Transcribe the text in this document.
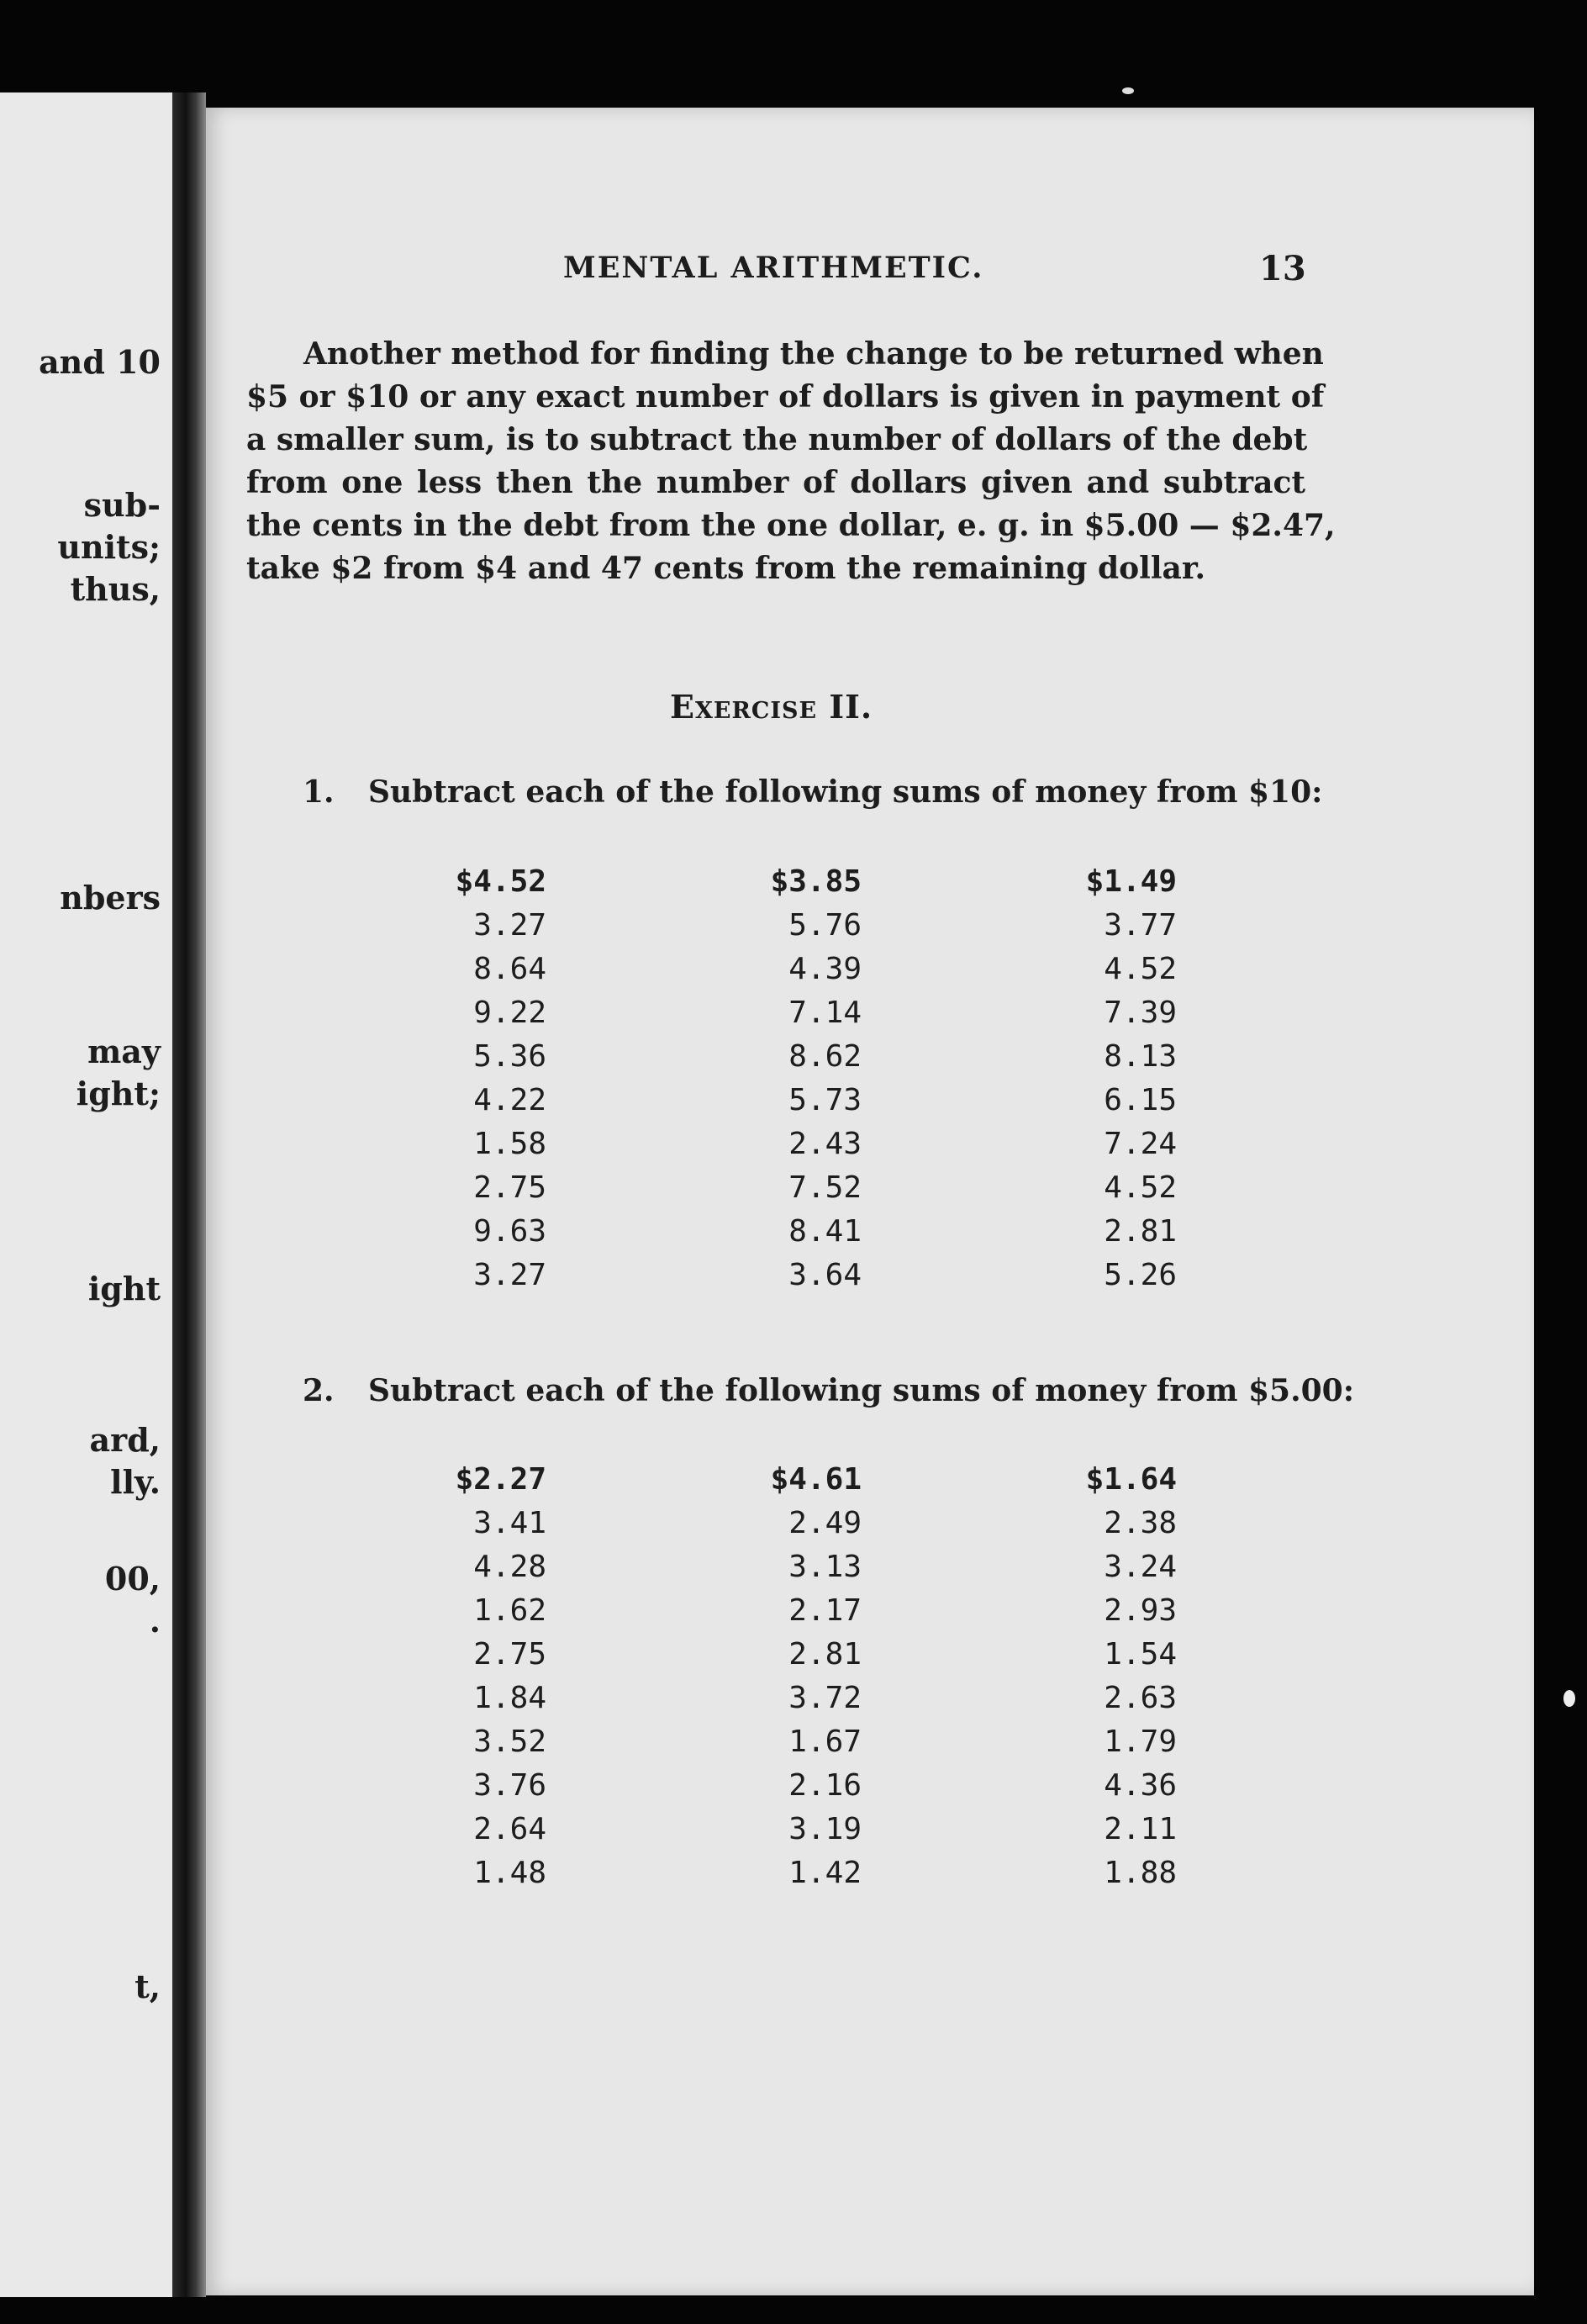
and 10
sub-
units;
thus,
nbers
may
ight;
ight
ard,
lly.
00,
.
t,
MENTAL ARITHMETIC.	13
Another method for finding the change to be returned when
$5 or $10 or any exact number of dollars is given in payment of
a smaller sum, is to subtract the number of dollars of the debt
from one less then the number of dollars given and subtract
the cents in the debt from the one dollar, e. g. in $5.00 — $2.47,
take $2 from $4 and 47 cents from the remaining dollar.
Exercise II.
1. Subtract each of the following sums of money from $10:
$4.52
3.27
8.64
9.22
5.36
4.22
1.58
2.75
9.63
3.27
$3.85
5.76
4.39
7.14
8.62
5.73
2.43
7.52
8.41
3.64
$1.49
3.77
4.52
7.39
8.13
6.15
7.24
4.52
2.81
5.26
2. Subtract each of the following sums of money from $5.00:
$2.27
3.41
4.28
1.62
2.75
1.84
3.52
3.76
2.64
1.48
$4.61
2.49
3.13
2.17
2.81
3.72
1.67
2.16
3.19
1.42
$1.64
2.38
3.24
2.93
1.54
2.63
1.79
4.36
2.11
1.88
